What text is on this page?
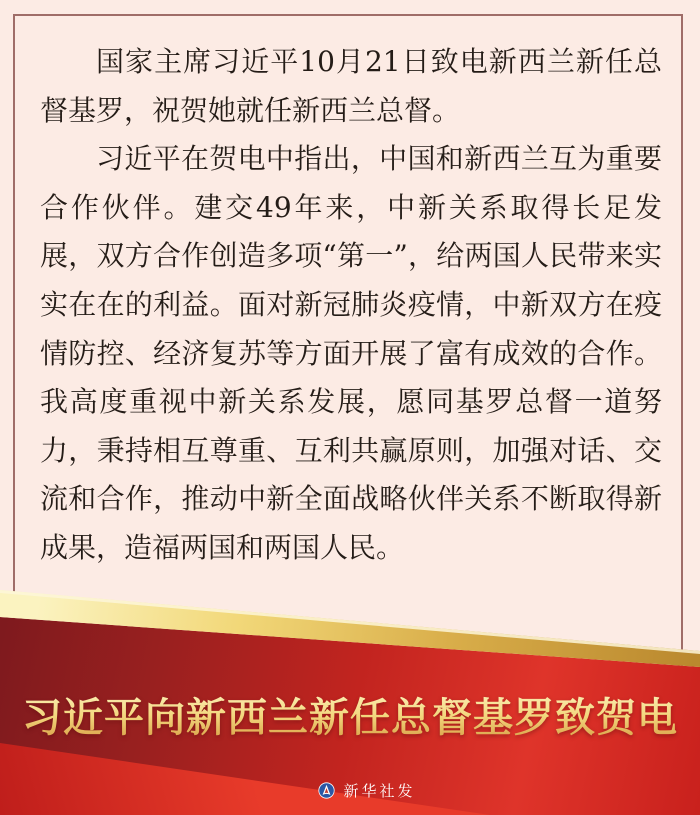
国家主席习近平10月21日致电新西兰新任总督基罗，祝贺她就任新西兰总督。

习近平在贺电中指出，中国和新西兰互为重要合作伙伴。建交49年来，中新关系取得长足发展，双方合作创造多项“第一”，给两国人民带来实实在在的利益。面对新冠肺炎疫情，中新双方在疫情防控、经济复苏等方面开展了富有成效的合作。我高度重视中新关系发展，愿同基罗总督一道努力，秉持相互尊重、互利共赢原则，加强对话、交流和合作，推动中新全面战略伙伴关系不断取得新成果，造福两国和两国人民。

习近平向新西兰新任总督基罗致贺电
新华社发
